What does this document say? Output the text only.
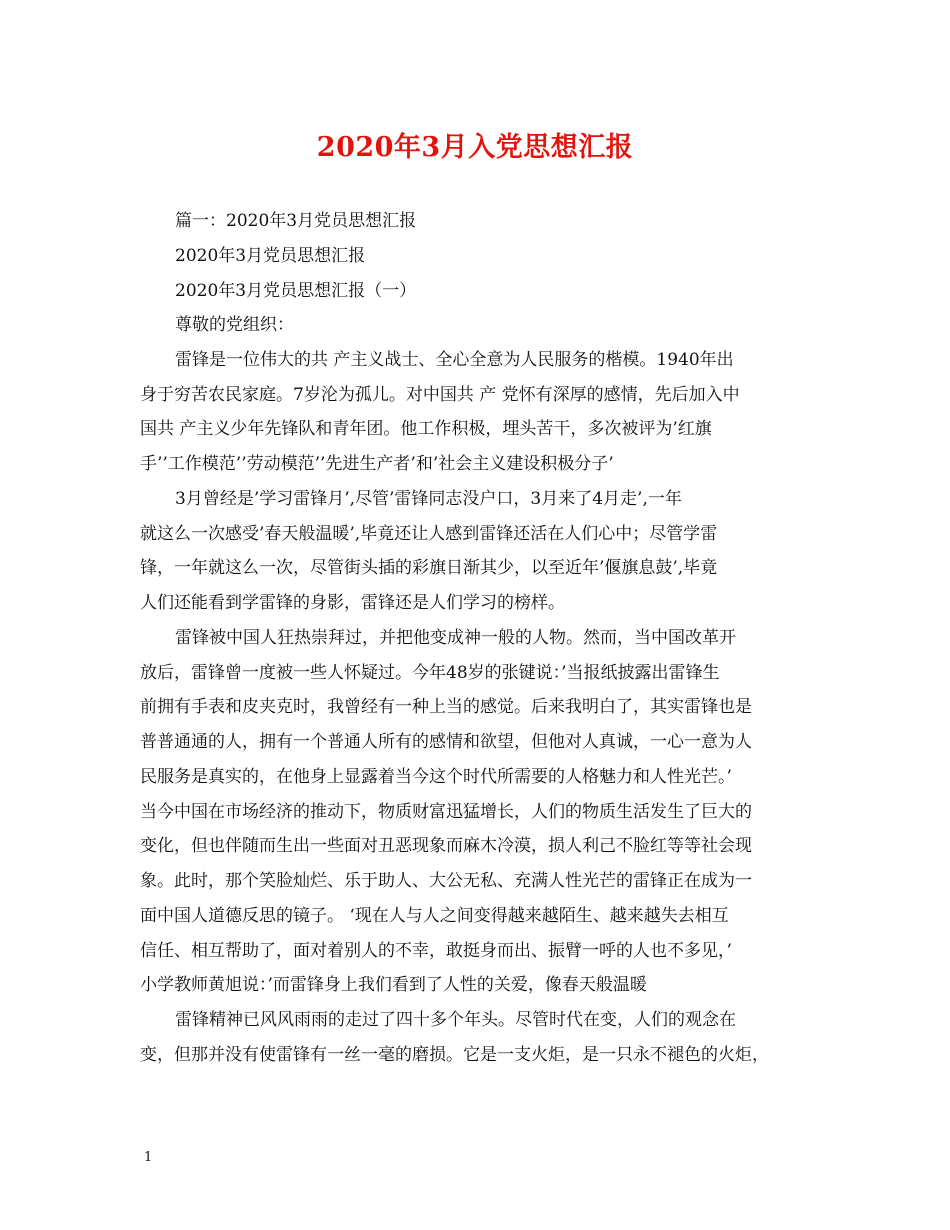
2020年3月入党思想汇报
篇一：2020年3月党员思想汇报
2020年3月党员思想汇报
2020年3月党员思想汇报（一）
尊敬的党组织：
雷锋是一位伟大的共 产主义战士、全心全意为人民服务的楷模。1940年出
身于穷苦农民家庭。7岁沦为孤儿。对中国共 产 党怀有深厚的感情，先后加入中
国共 产主义少年先锋队和青年团。他工作积极，埋头苦干，多次被评为’红旗
手’’工作模范’’劳动模范’’先进生产者’和’社会主义建设积极分子’
3月曾经是’学习雷锋月’,尽管’雷锋同志没户口，3月来了4月走’,一年
就这么一次感受’春天般温暖’,毕竟还让人感到雷锋还活在人们心中；尽管学雷
锋，一年就这么一次，尽管街头插的彩旗日渐其少，以至近年’偃旗息鼓’,毕竟
人们还能看到学雷锋的身影，雷锋还是人们学习的榜样。
雷锋被中国人狂热崇拜过，并把他变成神一般的人物。然而，当中国改革开
放后，雷锋曾一度被一些人怀疑过。今年48岁的张键说：’当报纸披露出雷锋生
前拥有手表和皮夹克时，我曾经有一种上当的感觉。后来我明白了，其实雷锋也是
普普通通的人，拥有一个普通人所有的感情和欲望，但他对人真诚，一心一意为人
民服务是真实的，在他身上显露着当今这个时代所需要的人格魅力和人性光芒。’
当今中国在市场经济的推动下，物质财富迅猛增长，人们的物质生活发生了巨大的
变化，但也伴随而生出一些面对丑恶现象而麻木冷漠，损人利己不脸红等等社会现
象。此时，那个笑脸灿烂、乐于助人、大公无私、充满人性光芒的雷锋正在成为一
面中国人道德反思的镜子。 ‘现在人与人之间变得越来越陌生、越来越失去相互
信任、相互帮助了，面对着别人的不幸，敢挺身而出、振臂一呼的人也不多见，’
小学教师黄旭说：’而雷锋身上我们看到了人性的关爱，像春天般温暖
雷锋精神已风风雨雨的走过了四十多个年头。尽管时代在变，人们的观念在
变，但那并没有使雷锋有一丝一毫的磨损。它是一支火炬，是一只永不褪色的火炬，
1
